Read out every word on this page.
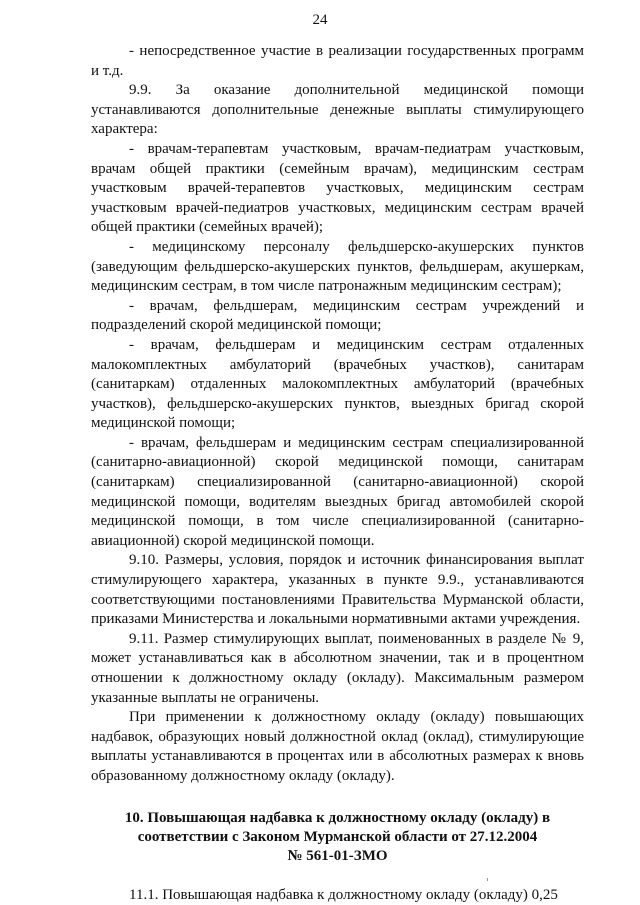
24

- непосредственное участие в реализации государственных программ и т.д.

9.9. За оказание дополнительной медицинской помощи устанавливаются дополнительные денежные выплаты стимулирующего характера:

- врачам-терапевтам участковым, врачам-педиатрам участковым, врачам общей практики (семейным врачам), медицинским сестрам участковым врачей-терапевтов участковых, медицинским сестрам участковым врачей-педиатров участковых, медицинским сестрам врачей общей практики (семейных врачей);

- медицинскому персоналу фельдшерско-акушерских пунктов (заведующим фельдшерско-акушерских пунктов, фельдшерам, акушеркам, медицинским сестрам, в том числе патронажным медицинским сестрам);

- врачам, фельдшерам, медицинским сестрам учреждений и подразделений скорой медицинской помощи;

- врачам, фельдшерам и медицинским сестрам отдаленных малокомплектных амбулаторий (врачебных участков), санитарам (санитаркам) отдаленных малокомплектных амбулаторий (врачебных участков), фельдшерско-акушерских пунктов, выездных бригад скорой медицинской помощи;

- врачам, фельдшерам и медицинским сестрам специализированной (санитарно-авиационной) скорой медицинской помощи, санитарам (санитаркам) специализированной (санитарно-авиационной) скорой медицинской помощи, водителям выездных бригад автомобилей скорой медицинской помощи, в том числе специализированной (санитарно-авиационной) скорой медицинской помощи.

9.10. Размеры, условия, порядок и источник финансирования выплат стимулирующего характера, указанных в пункте 9.9., устанавливаются соответствующими постановлениями Правительства Мурманской области, приказами Министерства и локальными нормативными актами учреждения.

9.11. Размер стимулирующих выплат, поименованных в разделе № 9, может устанавливаться как в абсолютном значении, так и в процентном отношении к должностному окладу (окладу). Максимальным размером указанные выплаты не ограничены.

При применении к должностному окладу (окладу) повышающих надбавок, образующих новый должностной оклад (оклад), стимулирующие выплаты устанавливаются в процентах или в абсолютных размерах к вновь образованному должностному окладу (окладу).

10. Повышающая надбавка к должностному окладу (окладу) в
соответствии с Законом Мурманской области от 27.12.2004
№ 561-01-ЗМО

11.1. Повышающая надбавка к должностному окладу (окладу) 0,25
